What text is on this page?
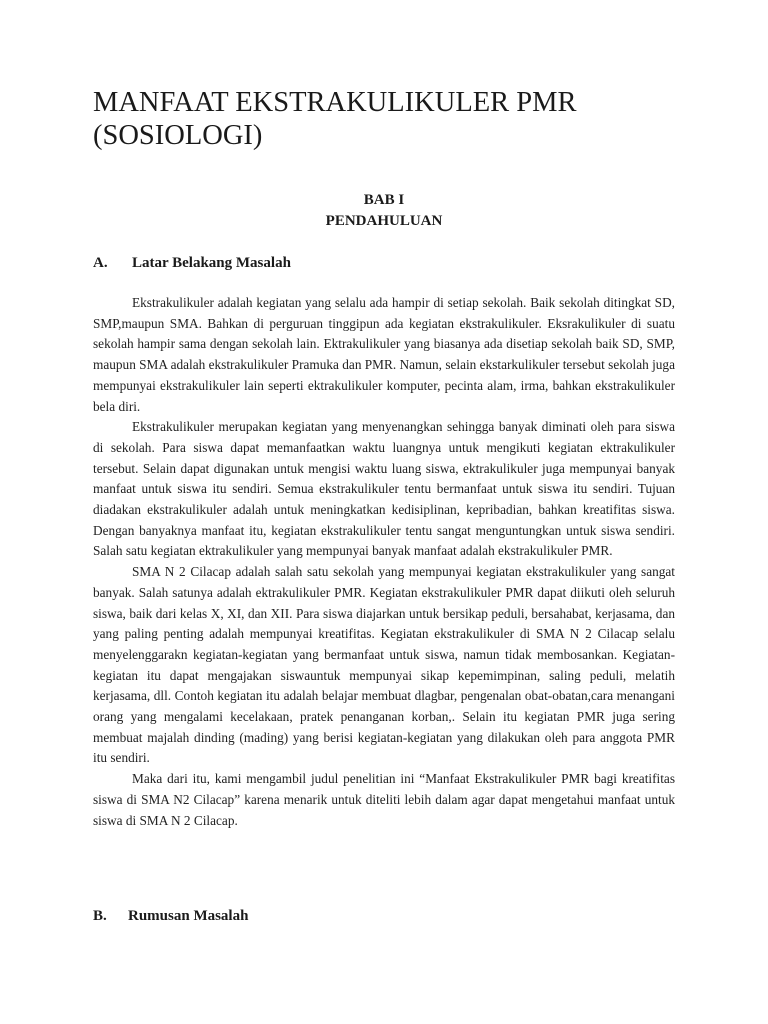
MANFAAT EKSTRAKULIKULER PMR
(SOSIOLOGI)
BAB I
PENDAHULUAN
A. Latar Belakang Masalah

Ekstrakulikuler adalah kegiatan yang selalu ada hampir di setiap sekolah. Baik sekolah ditingkat SD, SMP,maupun SMA. Bahkan di perguruan tinggipun ada kegiatan ekstrakulikuler. Eksrakulikuler di suatu sekolah hampir sama dengan sekolah lain. Ektrakulikuler yang biasanya ada disetiap sekolah baik SD, SMP, maupun SMA adalah ekstrakulikuler Pramuka dan PMR. Namun, selain ekstarkulikuler tersebut sekolah juga mempunyai ekstrakulikuler lain seperti ektrakulikuler komputer, pecinta alam, irma, bahkan ekstrakulikuler bela diri.

Ekstrakulikuler merupakan kegiatan yang menyenangkan sehingga banyak diminati oleh para siswa di sekolah. Para siswa dapat memanfaatkan waktu luangnya untuk mengikuti kegiatan ektrakulikuler tersebut. Selain dapat digunakan untuk mengisi waktu luang siswa, ektrakulikuler juga mempunyai banyak manfaat untuk siswa itu sendiri. Semua ekstrakulikuler tentu bermanfaat untuk siswa itu sendiri. Tujuan diadakan ekstrakulikuler adalah untuk meningkatkan kedisiplinan, kepribadian, bahkan kreatifitas siswa. Dengan banyaknya manfaat itu, kegiatan ekstrakulikuler tentu sangat menguntungkan untuk siswa sendiri. Salah satu kegiatan ektrakulikuler yang mempunyai banyak manfaat adalah ekstrakulikuler PMR.

SMA N 2 Cilacap adalah salah satu sekolah yang mempunyai kegiatan ekstrakulikuler yang sangat banyak. Salah satunya adalah ektrakulikuler PMR. Kegiatan ekstrakulikuler PMR dapat diikuti oleh seluruh siswa, baik dari kelas X, XI, dan XII. Para siswa diajarkan untuk bersikap peduli, bersahabat, kerjasama, dan yang paling penting adalah mempunyai kreatifitas. Kegiatan ekstrakulikuler di SMA N 2 Cilacap selalu menyelenggarakn kegiatan-kegiatan yang bermanfaat untuk siswa, namun tidak membosankan. Kegiatan-kegiatan itu dapat mengajakan siswauntuk mempunyai sikap kepemimpinan, saling peduli, melatih kerjasama, dll. Contoh kegiatan itu adalah belajar membuat dlagbar, pengenalan obat-obatan,cara menangani orang yang mengalami kecelakaan, pratek penanganan korban,. Selain itu kegiatan PMR juga sering membuat majalah dinding (mading) yang berisi kegiatan-kegiatan yang dilakukan oleh para anggota PMR itu sendiri.

Maka dari itu, kami mengambil judul penelitian ini “Manfaat Ekstrakulikuler PMR bagi kreatifitas siswa di SMA N2 Cilacap” karena menarik untuk diteliti lebih dalam agar dapat mengetahui manfaat untuk siswa di SMA N 2 Cilacap.

B. Rumusan Masalah
